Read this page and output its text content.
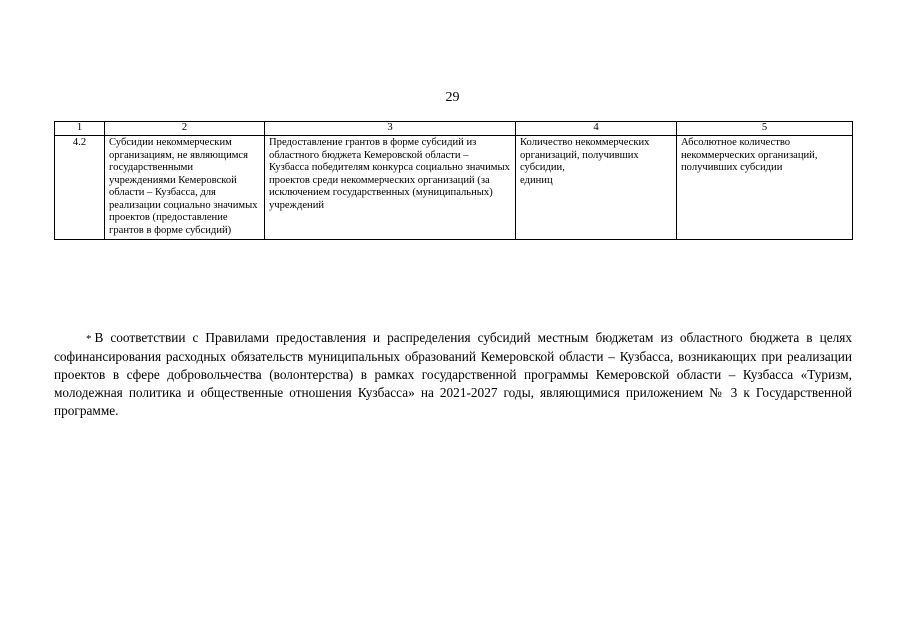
29
1	2	3	4	5
4.2	Субсидии некоммерческим организациям, не являющимся государственными учреждениями Кемеровской области – Кузбасса, для реализации социально значимых проектов (предоставление грантов в форме субсидий)	Предоставление грантов в форме субсидий из областного бюджета Кемеровской области – Кузбасса победителям конкурса социально значимых проектов среди некоммерческих организаций (за исключением государственных (муниципальных) учреждений	Количество некоммерческих организаций, получивших субсидии,
единиц	Абсолютное количество некоммерческих организаций, получивших субсидии

* В соответствии с Правилами предоставления и распределения субсидий местным бюджетам из областного бюджета в целях софинансирования расходных обязательств муниципальных образований Кемеровской области – Кузбасса, возникающих при реализации проектов в сфере добровольчества (волонтерства) в рамках государственной программы Кемеровской области – Кузбасса «Туризм, молодежная политика и общественные отношения Кузбасса» на 2021-2027 годы, являющимися приложением № 3 к Государственной программе.
